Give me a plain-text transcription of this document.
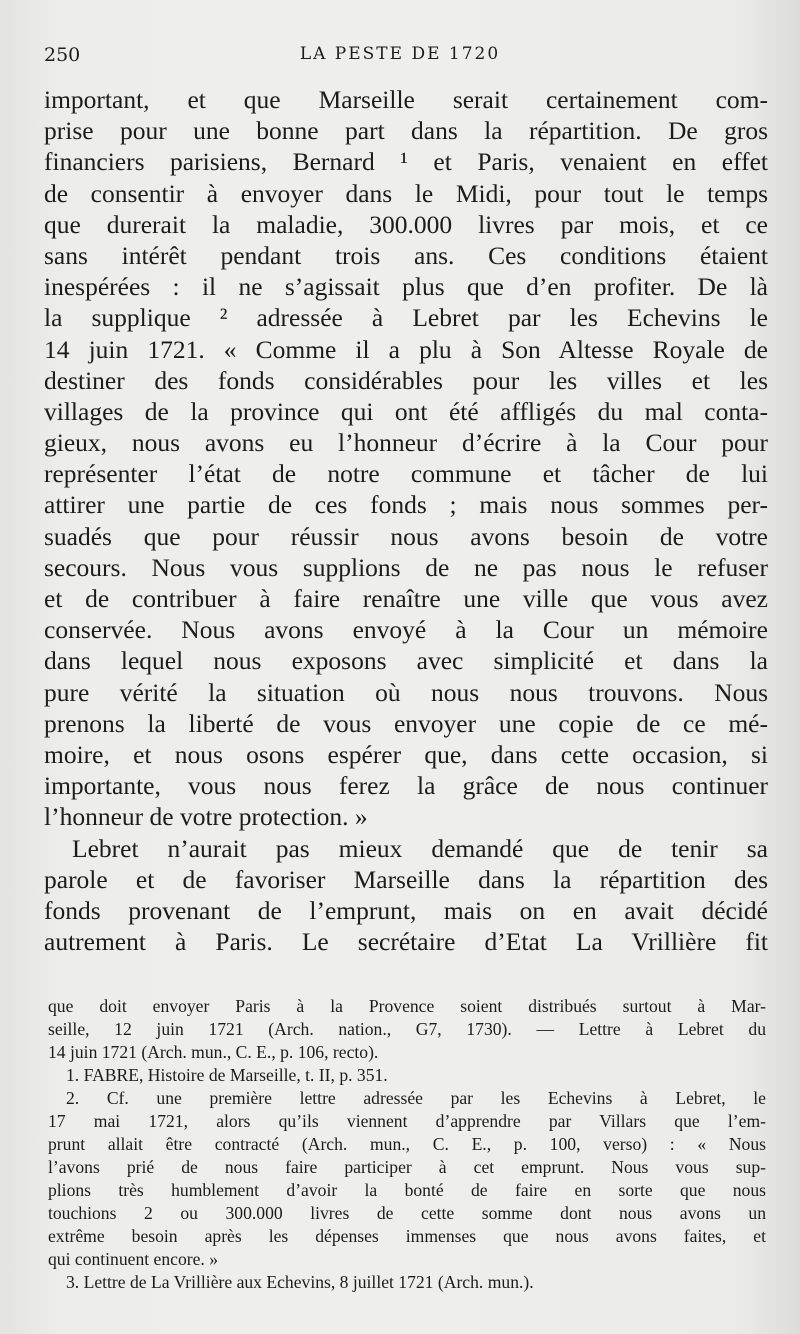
250	LA PESTE DE 1720
important, et que Marseille serait certainement com-
prise pour une bonne part dans la répartition. De gros
financiers parisiens, Bernard ¹ et Paris, venaient en effet
de consentir à envoyer dans le Midi, pour tout le temps
que durerait la maladie, 300.000 livres par mois, et ce
sans intérêt pendant trois ans. Ces conditions étaient
inespérées : il ne s’agissait plus que d’en profiter. De là
la supplique ² adressée à Lebret par les Echevins le
14 juin 1721. « Comme il a plu à Son Altesse Royale de
destiner des fonds considérables pour les villes et les
villages de la province qui ont été affligés du mal conta-
gieux, nous avons eu l’honneur d’écrire à la Cour pour
représenter l’état de notre commune et tâcher de lui
attirer une partie de ces fonds ; mais nous sommes per-
suadés que pour réussir nous avons besoin de votre
secours. Nous vous supplions de ne pas nous le refuser
et de contribuer à faire renaître une ville que vous avez
conservée. Nous avons envoyé à la Cour un mémoire
dans lequel nous exposons avec simplicité et dans la
pure vérité la situation où nous nous trouvons. Nous
prenons la liberté de vous envoyer une copie de ce mé-
moire, et nous osons espérer que, dans cette occasion, si
importante, vous nous ferez la grâce de nous continuer
l’honneur de votre protection. »
Lebret n’aurait pas mieux demandé que de tenir sa
parole et de favoriser Marseille dans la répartition des
fonds provenant de l’emprunt, mais on en avait décidé
autrement à Paris. Le secrétaire d’Etat La Vrillière fit
que doit envoyer Paris à la Provence soient distribués surtout à Mar-
seille, 12 juin 1721 (Arch. nation., G7, 1730). — Lettre à Lebret du
14 juin 1721 (Arch. mun., C. E., p. 106, recto).
1. FABRE, Histoire de Marseille, t. II, p. 351.
2. Cf. une première lettre adressée par les Echevins à Lebret, le
17 mai 1721, alors qu’ils viennent d’apprendre par Villars que l’em-
prunt allait être contracté (Arch. mun., C. E., p. 100, verso) : « Nous
l’avons prié de nous faire participer à cet emprunt. Nous vous sup-
plions très humblement d’avoir la bonté de faire en sorte que nous
touchions 2 ou 300.000 livres de cette somme dont nous avons un
extrême besoin après les dépenses immenses que nous avons faites, et
qui continuent encore. »
3. Lettre de La Vrillière aux Echevins, 8 juillet 1721 (Arch. mun.).
